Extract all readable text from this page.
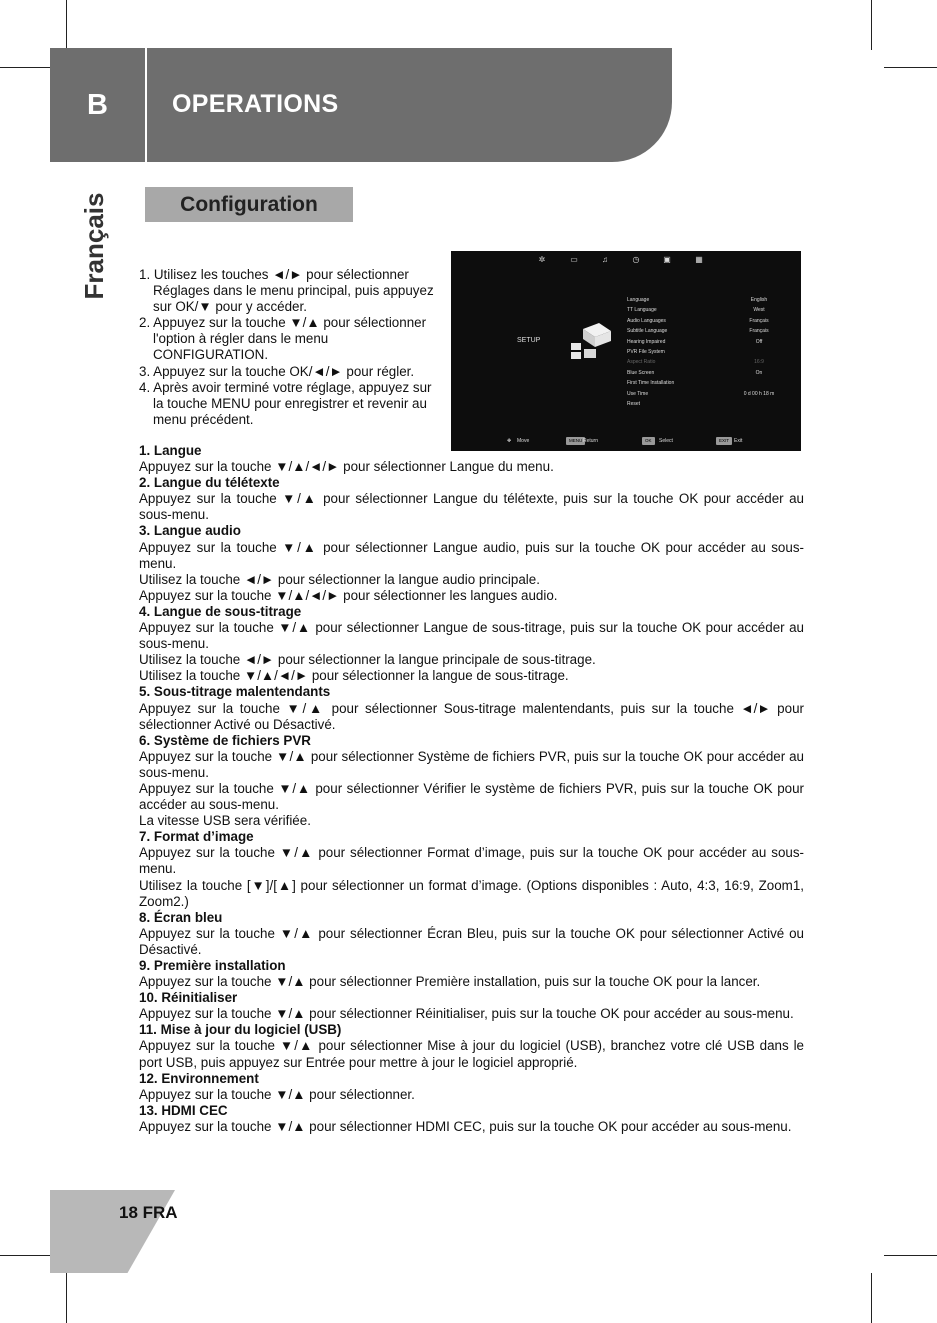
B	OPERATIONS
Français	Configuration
1. Utilisez les touches ◄/► pour sélectionner Réglages dans le menu principal, puis appuyez sur OK/▼ pour y accéder.
2. Appuyez sur la touche ▼/▲ pour sélectionner l'option à régler dans le menu CONFIGURATION.
3. Appuyez sur la touche OK/◄/► pour régler.
4. Après avoir terminé votre réglage, appuyez sur la touche MENU pour enregistrer et revenir au menu précédent.
✲	▭	♫	◷	▣	▦
SETUP
Language	English
TT Language	West
Audio Languages	Français
Subtitle Language	Français
Hearing Impaired	Off
PVR File System
Aspect Ratio	16:9
Blue Screen	On
First Time Installation
Use Time	0 d 00 h 18 m
Reset
✥ Move	MENU Return	OK	Select	EXIT Exit
1. Langue

Appuyez sur la touche ▼/▲/◄/► pour sélectionner Langue du menu.

2. Langue du télétexte

Appuyez sur la touche ▼/▲ pour sélectionner Langue du télétexte, puis sur la touche OK pour accéder au sous-menu.

3. Langue audio

Appuyez sur la touche ▼/▲ pour sélectionner Langue audio, puis sur la touche OK pour accéder au sous-menu.

Utilisez la touche ◄/► pour sélectionner la langue audio principale.

Appuyez sur la touche ▼/▲/◄/► pour sélectionner les langues audio.

4. Langue de sous-titrage

Appuyez sur la touche ▼/▲ pour sélectionner Langue de sous-titrage, puis sur la touche OK pour accéder au sous-menu.

Utilisez la touche ◄/► pour sélectionner la langue principale de sous-titrage.

Utilisez la touche ▼/▲/◄/► pour sélectionner la langue de sous-titrage.

5. Sous-titrage malentendants

Appuyez sur la touche ▼/▲ pour sélectionner Sous-titrage malentendants, puis sur la touche ◄/► pour sélectionner Activé ou Désactivé.

6. Système de fichiers PVR

Appuyez sur la touche ▼/▲ pour sélectionner Système de fichiers PVR, puis sur la touche OK pour accéder au sous-menu.

Appuyez sur la touche ▼/▲ pour sélectionner Vérifier le système de fichiers PVR, puis sur la touche OK pour accéder au sous-menu.

La vitesse USB sera vérifiée.

7. Format d’image

Appuyez sur la touche ▼/▲ pour sélectionner Format d’image, puis sur la touche OK pour accéder au sous-menu.

Utilisez la touche [▼]/[▲] pour sélectionner un format d’image. (Options disponibles : Auto, 4:3, 16:9, Zoom1, Zoom2.)

8. Écran bleu

Appuyez sur la touche ▼/▲ pour sélectionner Écran Bleu, puis sur la touche OK pour sélectionner Activé ou Désactivé.

9. Première installation

Appuyez sur la touche ▼/▲ pour sélectionner Première installation, puis sur la touche OK pour la lancer.

10. Réinitialiser

Appuyez sur la touche ▼/▲ pour sélectionner Réinitialiser, puis sur la touche OK pour accéder au sous-menu.

11. Mise à jour du logiciel (USB)

Appuyez sur la touche ▼/▲ pour sélectionner Mise à jour du logiciel (USB), branchez votre clé USB dans le port USB, puis appuyez sur Entrée pour mettre à jour le logiciel approprié.

12. Environnement

Appuyez sur la touche ▼/▲ pour sélectionner.

13. HDMI CEC

Appuyez sur la touche ▼/▲ pour sélectionner HDMI CEC, puis sur la touche OK pour accéder au sous-menu.

18 FRA
